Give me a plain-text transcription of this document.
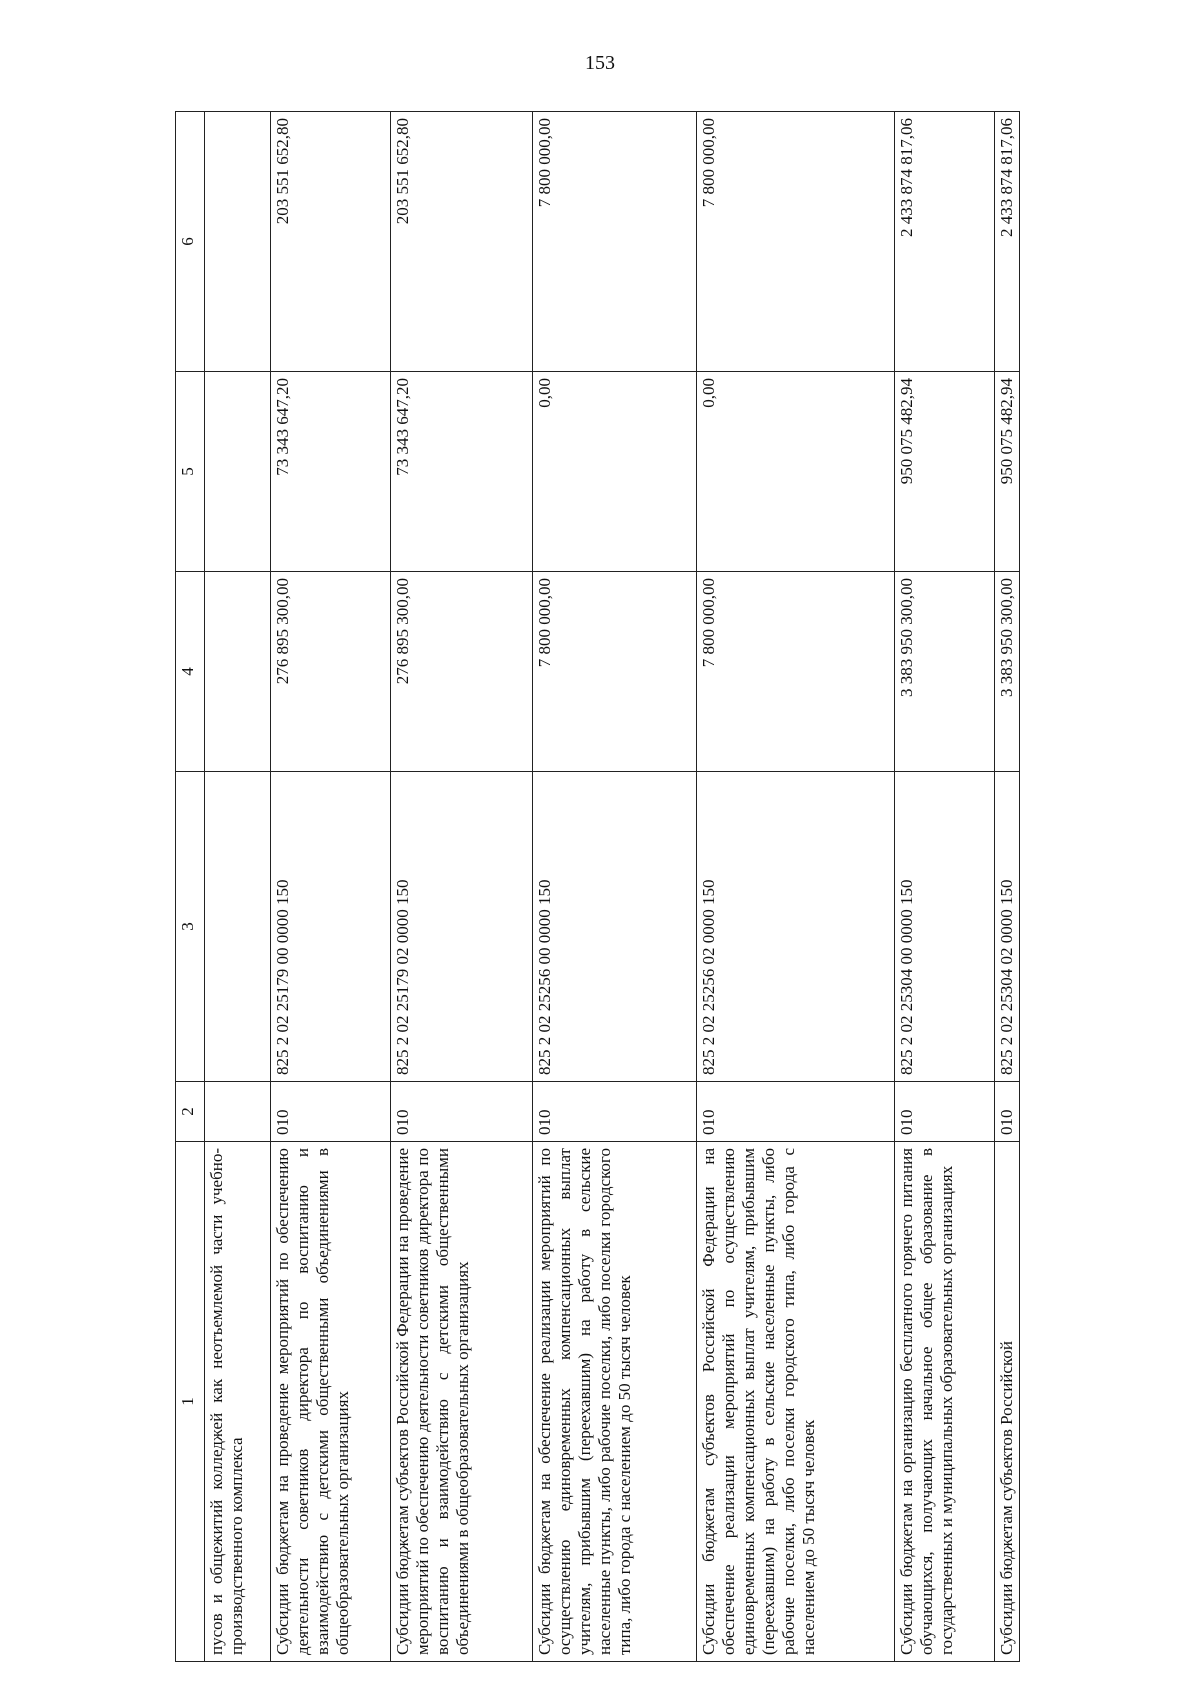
153
1	2	3	4	5	6
пусов и общежитий колледжей как неотъемлемой части учебно-производственного комплекса					
Субсидии бюджетам на проведение мероприятий по обеспечению деятельности советников директора по воспитанию и взаимодействию с детскими общественными объединениями в общеобразовательных организациях	010	825 2 02 25179 00 0000 150	276 895 300,00	73 343 647,20	203 551 652,80
Субсидии бюджетам субъектов Российской Федерации на проведение мероприятий по обеспечению деятельности советников директора по воспитанию и взаимодействию с детскими общественными объединениями в общеобразовательных организациях	010	825 2 02 25179 02 0000 150	276 895 300,00	73 343 647,20	203 551 652,80
Субсидии бюджетам на обеспечение реализации мероприятий по осуществлению единовременных компенсационных выплат учителям, прибывшим (переехавшим) на работу в сельские населенные пункты, либо рабочие поселки, либо поселки городского типа, либо города с населением до 50 тысяч человек	010	825 2 02 25256 00 0000 150	7 800 000,00	0,00	7 800 000,00
Субсидии бюджетам субъектов Российской Федерации на обеспечение реализации мероприятий по осуществлению единовременных компенсационных выплат учителям, прибывшим (переехавшим) на работу в сельские населенные пункты, либо рабочие поселки, либо поселки городского типа, либо города с населением до 50 тысяч человек	010	825 2 02 25256 02 0000 150	7 800 000,00	0,00	7 800 000,00
Субсидии бюджетам на организацию бесплатного горячего питания обучающихся, получающих начальное общее образование в государственных и муниципальных образовательных организациях	010	825 2 02 25304 00 0000 150	3 383 950 300,00	950 075 482,94	2 433 874 817,06
Субсидии бюджетам субъектов Российской	010	825 2 02 25304 02 0000 150	3 383 950 300,00	950 075 482,94	2 433 874 817,06
